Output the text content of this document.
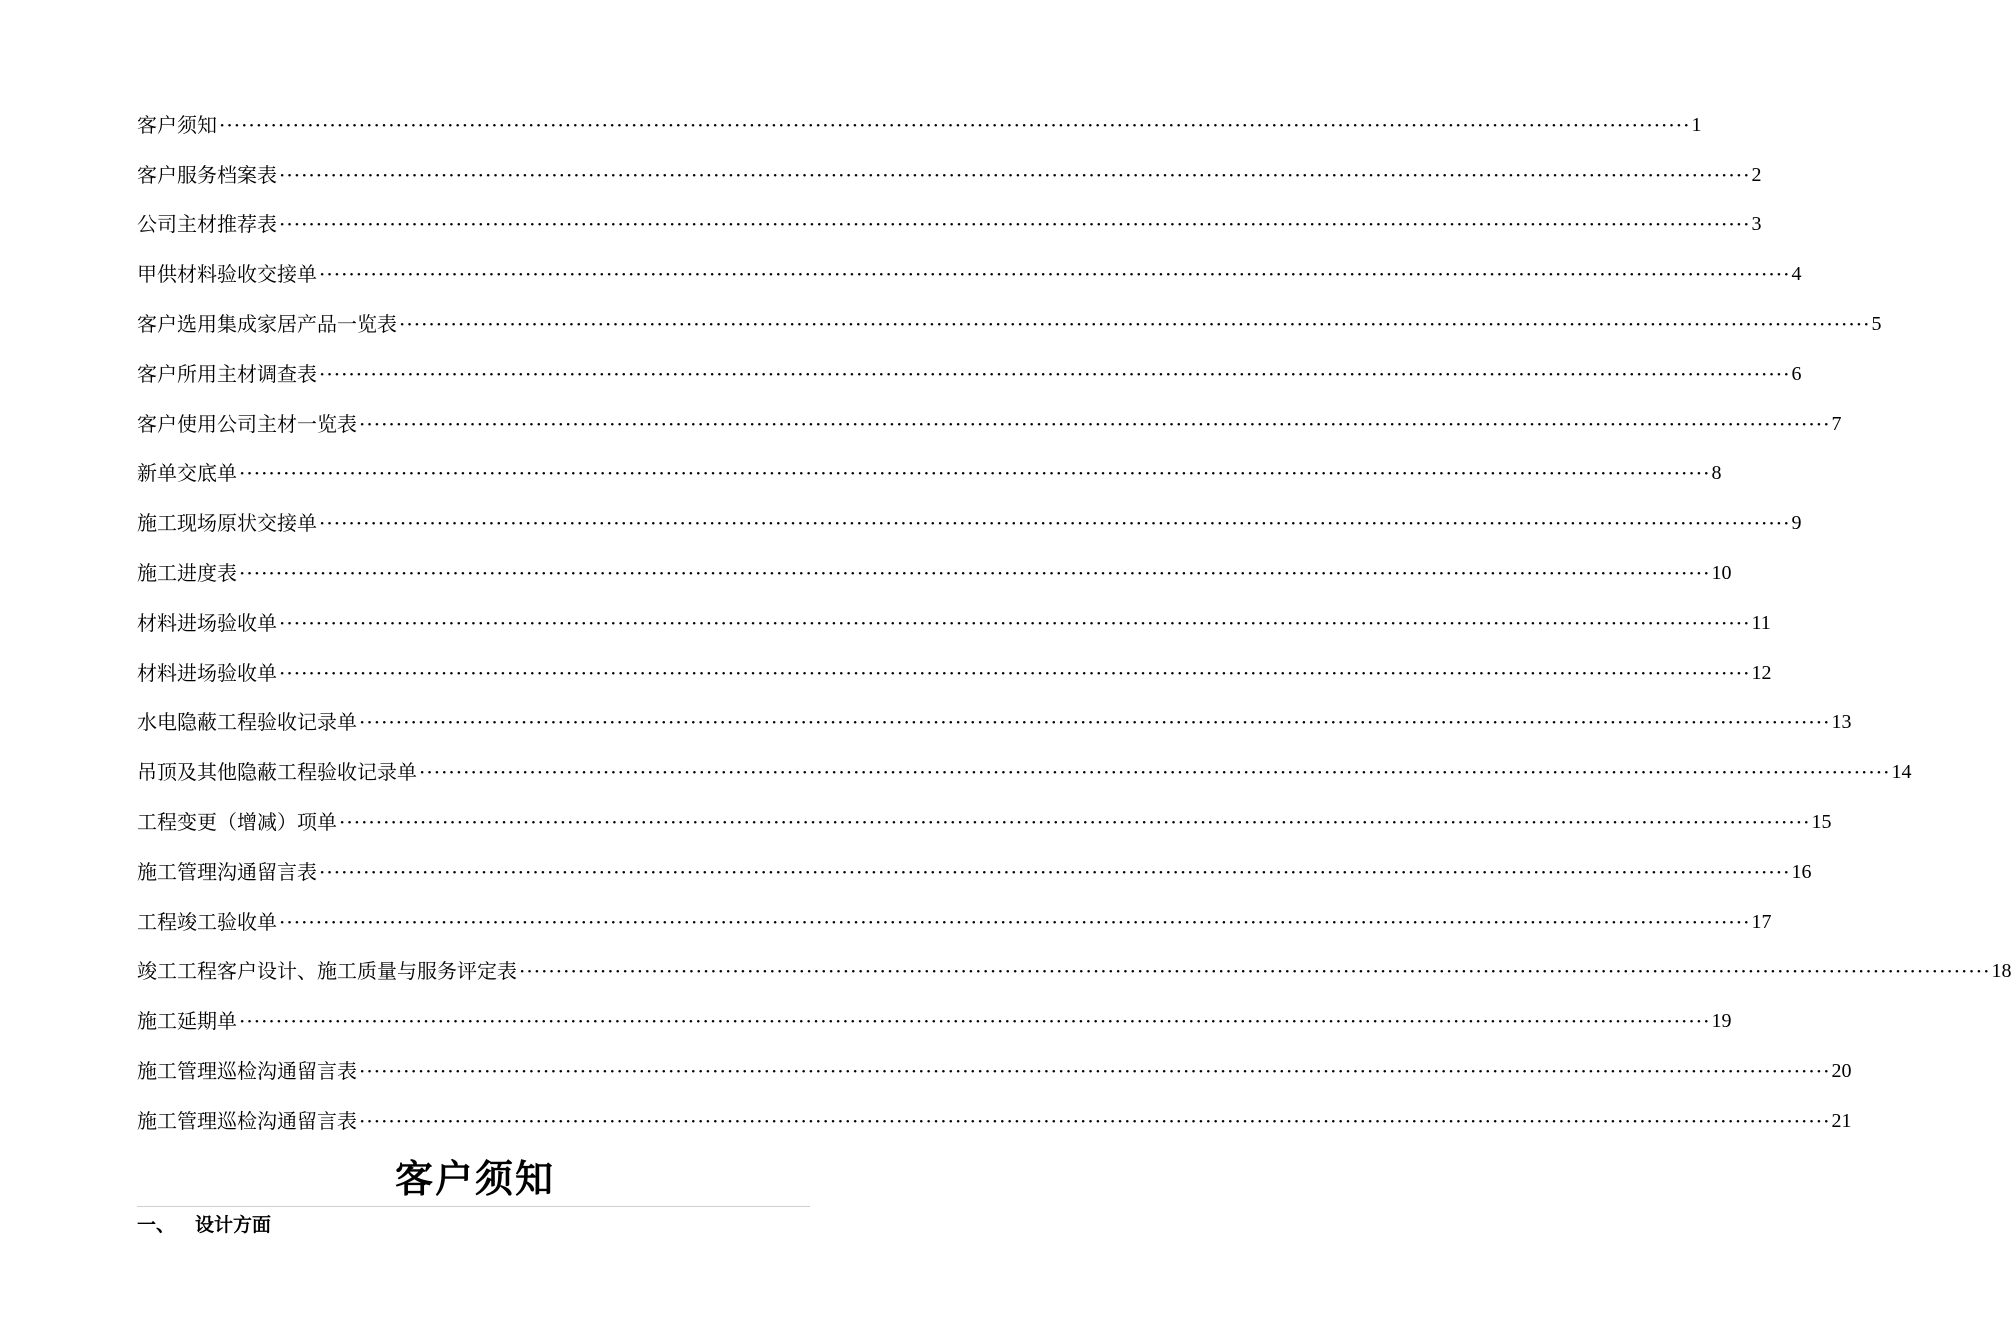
客户须知 ········································································································································································································ 1
客户服务档案表 ········································································································································································································ 2
公司主材推荐表 ········································································································································································································ 3
甲供材料验收交接单 ········································································································································································································ 4
客户选用集成家居产品一览表 ········································································································································································································ 5
客户所用主材调查表 ········································································································································································································ 6
客户使用公司主材一览表 ········································································································································································································ 7
新单交底单 ········································································································································································································ 8
施工现场原状交接单 ········································································································································································································ 9
施工进度表 ········································································································································································································ 10
材料进场验收单 ········································································································································································································ 11
材料进场验收单 ········································································································································································································ 12
水电隐蔽工程验收记录单 ········································································································································································································ 13
吊顶及其他隐蔽工程验收记录单 ········································································································································································································ 14
工程变更（增减）项单 ········································································································································································································ 15
施工管理沟通留言表 ········································································································································································································ 16
工程竣工验收单 ········································································································································································································ 17
竣工工程客户设计、施工质量与服务评定表 ········································································································································································································ 18
施工延期单 ········································································································································································································ 19
施工管理巡检沟通留言表 ········································································································································································································ 20
施工管理巡检沟通留言表 ········································································································································································································ 21
客户须知
一、	设计方面
